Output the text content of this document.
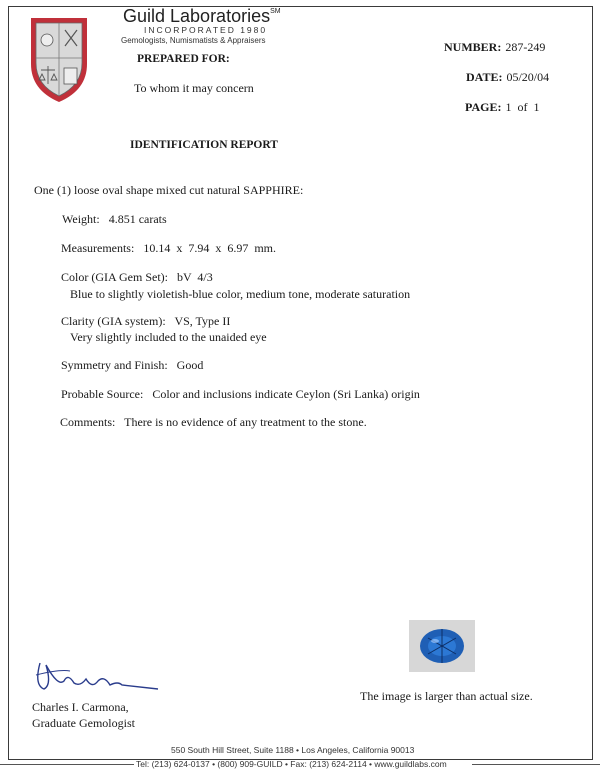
Guild Laboratories℠
INCORPORATED 1980
Gemologists, Numismatists & Appraisers
PREPARED FOR:
To whom it may concern
NUMBER: 287-249
DATE: 05/20/04
PAGE: 1  of  1
IDENTIFICATION REPORT
One (1) loose oval shape mixed cut natural SAPPHIRE:
Weight:   4.851 carats
Measurements:   10.14  x  7.94  x  6.97  mm.
Color (GIA Gem Set):   bV  4/3
Blue to slightly violetish-blue color, medium tone, moderate saturation
Clarity (GIA system):   VS, Type II
Very slightly included to the unaided eye
Symmetry and Finish:   Good
Probable Source:   Color and inclusions indicate Ceylon (Sri Lanka) origin
Comments:   There is no evidence of any treatment to the stone.
The image is larger than actual size.
Charles I. Carmona,
Graduate Gemologist
550 South Hill Street, Suite 1188 • Los Angeles, California 90013
Tel: (213) 624-0137 • (800) 909-GUILD • Fax: (213) 624-2114 • www.guildlabs.com
